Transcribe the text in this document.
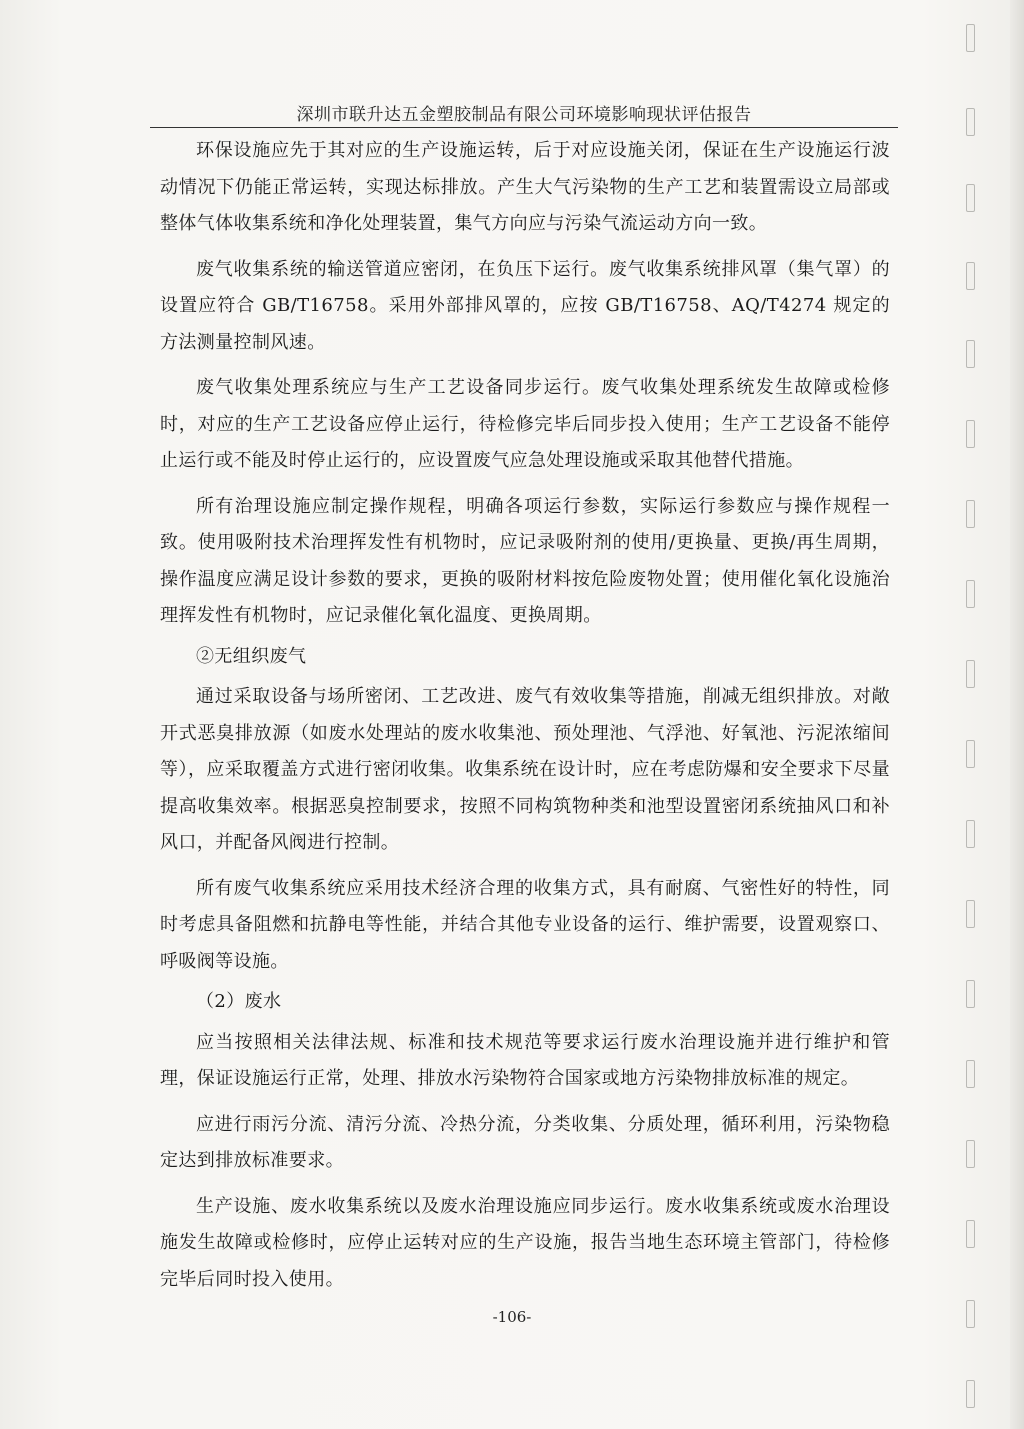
深圳市联升达五金塑胶制品有限公司环境影响现状评估报告

环保设施应先于其对应的生产设施运转，后于对应设施关闭，保证在生产设施运行波动情况下仍能正常运转，实现达标排放。产生大气污染物的生产工艺和装置需设立局部或整体气体收集系统和净化处理装置，集气方向应与污染气流运动方向一致。

废气收集系统的输送管道应密闭，在负压下运行。废气收集系统排风罩（集气罩）的设置应符合 GB/T16758。采用外部排风罩的，应按 GB/T16758、AQ/T4274 规定的方法测量控制风速。

废气收集处理系统应与生产工艺设备同步运行。废气收集处理系统发生故障或检修时，对应的生产工艺设备应停止运行，待检修完毕后同步投入使用；生产工艺设备不能停止运行或不能及时停止运行的，应设置废气应急处理设施或采取其他替代措施。

所有治理设施应制定操作规程，明确各项运行参数，实际运行参数应与操作规程一致。使用吸附技术治理挥发性有机物时，应记录吸附剂的使用/更换量、更换/再生周期，操作温度应满足设计参数的要求，更换的吸附材料按危险废物处置；使用催化氧化设施治理挥发性有机物时，应记录催化氧化温度、更换周期。

②无组织废气

通过采取设备与场所密闭、工艺改进、废气有效收集等措施，削减无组织排放。对敞开式恶臭排放源（如废水处理站的废水收集池、预处理池、气浮池、好氧池、污泥浓缩间等），应采取覆盖方式进行密闭收集。收集系统在设计时，应在考虑防爆和安全要求下尽量提高收集效率。根据恶臭控制要求，按照不同构筑物种类和池型设置密闭系统抽风口和补风口，并配备风阀进行控制。

所有废气收集系统应采用技术经济合理的收集方式，具有耐腐、气密性好的特性，同时考虑具备阻燃和抗静电等性能，并结合其他专业设备的运行、维护需要，设置观察口、呼吸阀等设施。

（2）废水

应当按照相关法律法规、标准和技术规范等要求运行废水治理设施并进行维护和管理，保证设施运行正常，处理、排放水污染物符合国家或地方污染物排放标准的规定。

应进行雨污分流、清污分流、冷热分流，分类收集、分质处理，循环利用，污染物稳定达到排放标准要求。

生产设施、废水收集系统以及废水治理设施应同步运行。废水收集系统或废水治理设施发生故障或检修时，应停止运转对应的生产设施，报告当地生态环境主管部门，待检修完毕后同时投入使用。

-106-
